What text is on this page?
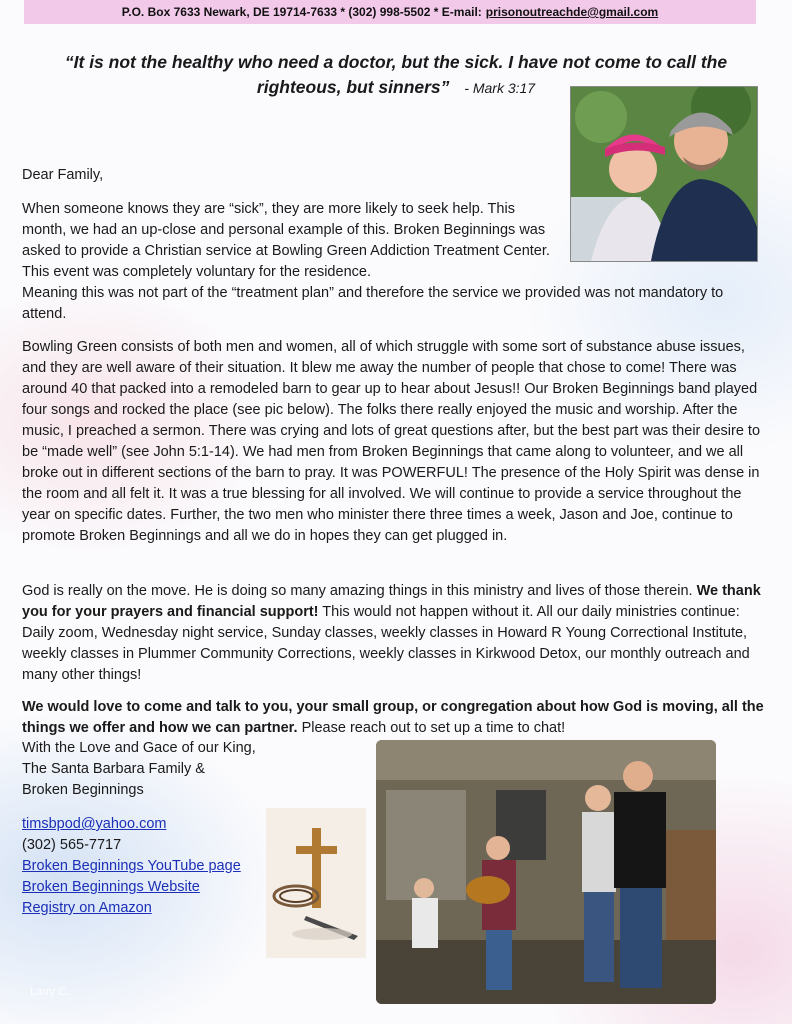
P.O. Box 7633 Newark, DE 19714-7633 * (302) 998-5502 * E-mail: prisonoutreachde@gmail.com
“It is not the healthy who need a doctor, but the sick. I have not come to call the righteous, but sinners” - Mark 3:17

Dear Family,

When someone knows they are “sick”, they are more likely to seek help. This month, we had an up-close and personal example of this. Broken Beginnings was asked to provide a Christian service at Bowling Green Addiction Treatment Center. This event was completely voluntary for the residence.

Meaning this was not part of the “treatment plan” and therefore the service we provided was not mandatory to attend.

Bowling Green consists of both men and women, all of which struggle with some sort of substance abuse issues, and they are well aware of their situation. It blew me away the number of people that chose to come! There was around 40 that packed into a remodeled barn to gear up to hear about Jesus!! Our Broken Beginnings band played four songs and rocked the place (see pic below). The folks there really enjoyed the music and worship. After the music, I preached a sermon. There was crying and lots of great questions after, but the best part was their desire to be “made well” (see John 5:1-14). We had men from Broken Beginnings that came along to volunteer, and we all broke out in different sections of the barn to pray. It was POWERFUL! The presence of the Holy Spirit was dense in the room and all felt it. It was a true blessing for all involved. We will continue to provide a service throughout the year on specific dates. Further, the two men who minister there three times a week, Jason and Joe, continue to promote Broken Beginnings and all we do in hopes they can get plugged in.

God is really on the move. He is doing so many amazing things in this ministry and lives of those therein. We thank you for your prayers and financial support! This would not happen without it. All our daily ministries continue: Daily zoom, Wednesday night service, Sunday classes, weekly classes in Howard R Young Correctional Institute, weekly classes in Plummer Community Corrections, weekly classes in Kirkwood Detox, our monthly outreach and many other things!

We would love to come and talk to you, your small group, or congregation about how God is moving, all the things we offer and how we can partner. Please reach out to set up a time to chat!

With the Love and Gace of our King,
The Santa Barbara Family &
Broken Beginnings
timsbpod@yahoo.com
(302) 565-7717
Broken Beginnings YouTube page
Broken Beginnings Website
Registry on Amazon
Larry C...
